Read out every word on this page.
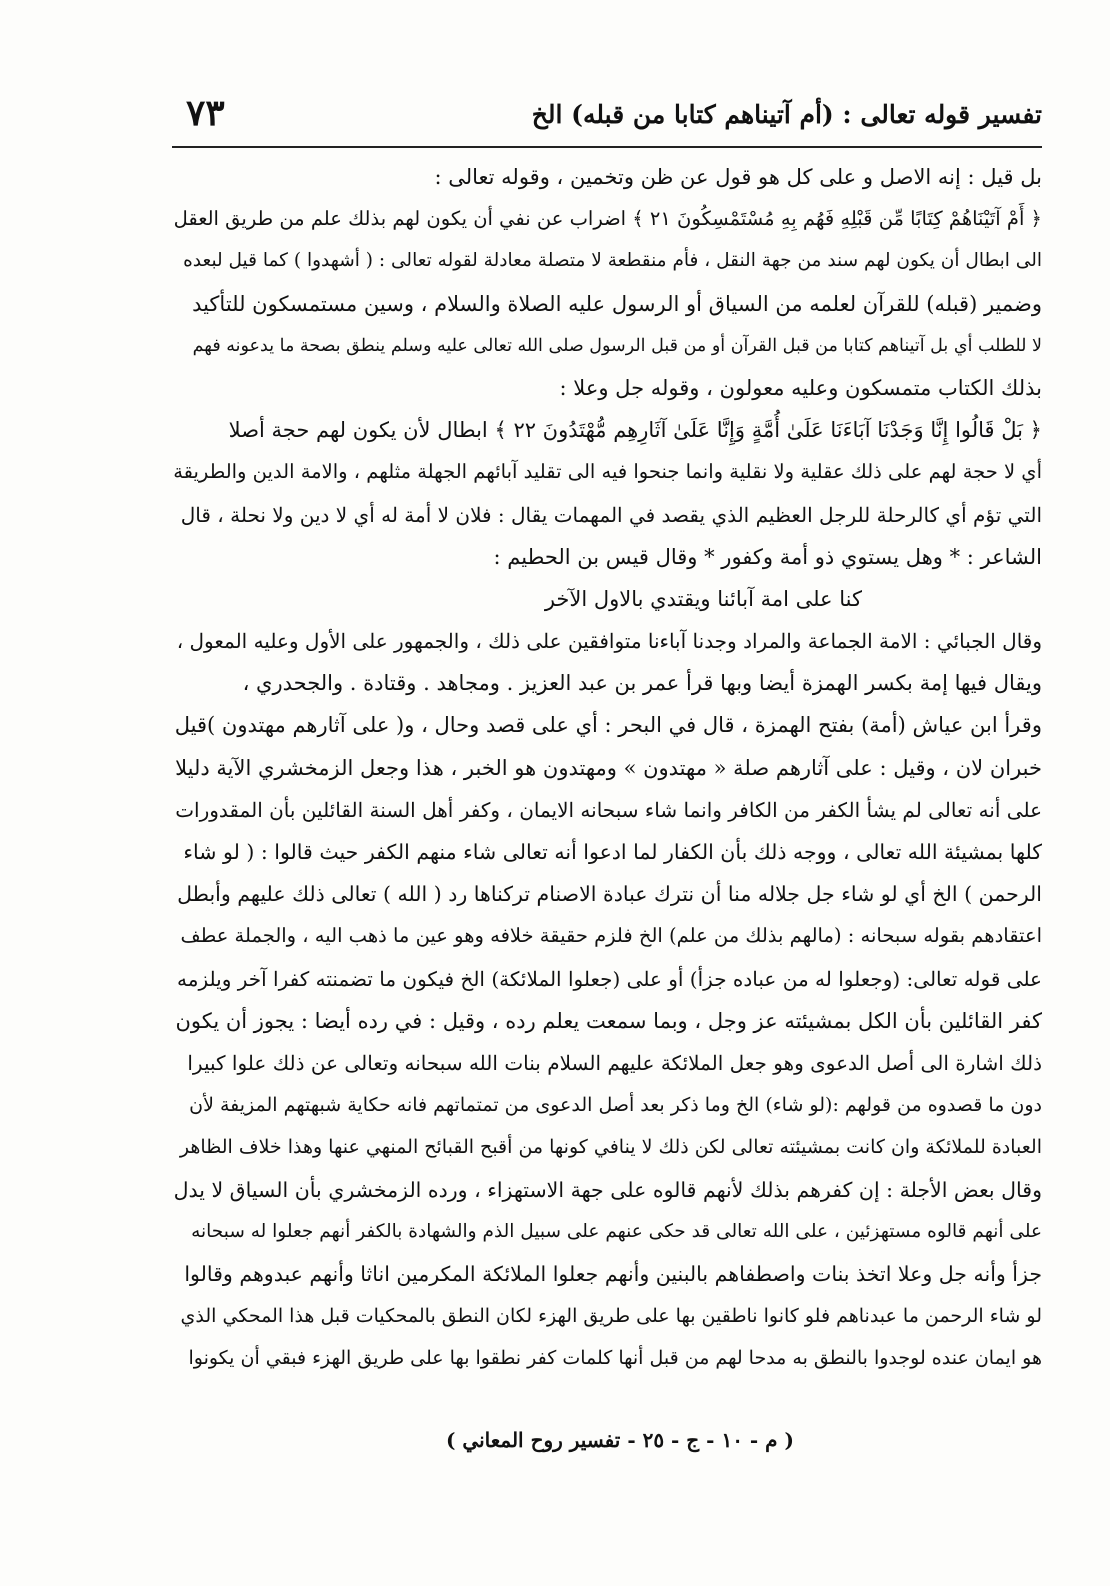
تفسير قوله تعالى : (أم آتيناهم كتابا من قبله) الخ
٧٣
بل قيل : إنه الاصل و على كل هو قول عن ظن وتخمين ، وقوله تعالى :
﴿ أَمْ آتَيْنَاهُمْ كِتَابًا مِّن قَبْلِهِ فَهُم بِهِ مُسْتَمْسِكُونَ ٢١ ﴾ اضراب عن نفي أن يكون لهم بذلك علم من طريق العقل
الى ابطال أن يكون لهم سند من جهة النقل ، فأم منقطعة لا متصلة معادلة لقوله تعالى : ( أشهدوا ) كما قيل لبعده
وضمير (قبله) للقرآن لعلمه من السياق أو الرسول عليه الصلاة والسلام ، وسين مستمسكون للتأكيد
لا للطلب أي بل آتيناهم كتابا من قبل القرآن أو من قبل الرسول صلى الله تعالى عليه وسلم ينطق بصحة ما يدعونه فهم
بذلك الكتاب متمسكون وعليه معولون ، وقوله جل وعلا :
﴿ بَلْ قَالُوا إِنَّا وَجَدْنَا آبَاءَنَا عَلَىٰ أُمَّةٍ وَإِنَّا عَلَىٰ آثَارِهِم مُّهْتَدُونَ ٢٢ ﴾ ابطال لأن يكون لهم حجة أصلا
أي لا حجة لهم على ذلك عقلية ولا نقلية وانما جنحوا فيه الى تقليد آبائهم الجهلة مثلهم ، والامة الدين والطريقة
التي تؤم أي كالرحلة للرجل العظيم الذي يقصد في المهمات يقال : فلان لا أمة له أي لا دين ولا نحلة ، قال
الشاعر : * وهل يستوي ذو أمة وكفور * وقال قيس بن الحطيم :
كنا على امة آبائنا ويقتدي بالاول الآخر
وقال الجبائي : الامة الجماعة والمراد وجدنا آباءنا متوافقين على ذلك ، والجمهور على الأول وعليه المعول ،
ويقال فيها إمة بكسر الهمزة أيضا وبها قرأ عمر بن عبد العزيز . ومجاهد . وقتادة . والجحدري ،
وقرأ ابن عياش (أمة) بفتح الهمزة ، قال في البحر : أي على قصد وحال ، و( على آثارهم مهتدون )قيل
خبران لان ، وقيل : على آثارهم صلة « مهتدون » ومهتدون هو الخبر ، هذا وجعل الزمخشري الآية دليلا
على أنه تعالى لم يشأ الكفر من الكافر وانما شاء سبحانه الايمان ، وكفر أهل السنة القائلين بأن المقدورات
كلها بمشيئة الله تعالى ، ووجه ذلك بأن الكفار لما ادعوا أنه تعالى شاء منهم الكفر حيث قالوا : ( لو شاء
الرحمن ) الخ أي لو شاء جل جلاله منا أن نترك عبادة الاصنام تركناها رد ( الله ) تعالى ذلك عليهم وأبطل
اعتقادهم بقوله سبحانه : (مالهم بذلك من علم) الخ فلزم حقيقة خلافه وهو عين ما ذهب اليه ، والجملة عطف
على قوله تعالى: (وجعلوا له من عباده جزأ) أو على (جعلوا الملائكة) الخ فيكون ما تضمنته كفرا آخر ويلزمه
كفر القائلين بأن الكل بمشيئته عز وجل ، وبما سمعت يعلم رده ، وقيل : في رده أيضا : يجوز أن يكون
ذلك اشارة الى أصل الدعوى وهو جعل الملائكة عليهم السلام بنات الله سبحانه وتعالى عن ذلك علوا كبيرا
دون ما قصدوه من قولهم :(لو شاء) الخ وما ذكر بعد أصل الدعوى من تمتماتهم فانه حكاية شبهتهم المزيفة لأن
العبادة للملائكة وان كانت بمشيئته تعالى لكن ذلك لا ينافي كونها من أقبح القبائح المنهي عنها وهذا خلاف الظاهر
وقال بعض الأجلة : إن كفرهم بذلك لأنهم قالوه على جهة الاستهزاء ، ورده الزمخشري بأن السياق لا يدل
على أنهم قالوه مستهزئين ، على الله تعالى قد حكى عنهم على سبيل الذم والشهادة بالكفر أنهم جعلوا له سبحانه
جزأ وأنه جل وعلا اتخذ بنات واصطفاهم بالبنين وأنهم جعلوا الملائكة المكرمين اناثا وأنهم عبدوهم وقالوا
لو شاء الرحمن ما عبدناهم فلو كانوا ناطقين بها على طريق الهزء لكان النطق بالمحكيات قبل هذا المحكي الذي
هو ايمان عنده لوجدوا بالنطق به مدحا لهم من قبل أنها كلمات كفر نطقوا بها على طريق الهزء فبقي أن يكونوا
( م - ١٠ - ج - ٢٥ - تفسير روح المعاني )
